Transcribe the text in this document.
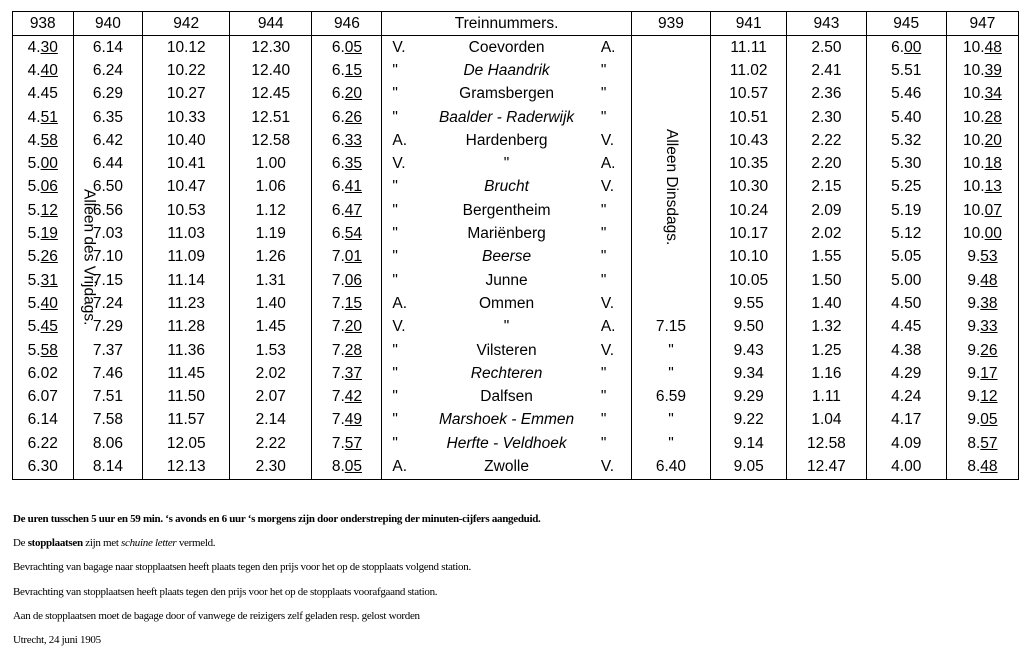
938	940	942	944	946	Treinnummers.			939	941	943	945	947
4.30	6.14	10.12	12.30	6.05	V.	Coevorden	A.		11.11	2.50	6.00	10.48
4.40	6.24	10.22	12.40	6.15	"	De Haandrik	"		11.02	2.41	5.51	10.39
4.45	6.29	10.27	12.45	6.20	"	Gramsbergen	"		10.57	2.36	5.46	10.34
4.51	6.35	10.33	12.51	6.26	"	Baalder - Raderwijk	"		10.51	2.30	5.40	10.28
4.58	6.42	10.40	12.58	6.33	A.	Hardenberg	V.		10.43	2.22	5.32	10.20
5.00	6.44	10.41	1.00	6.35	V.	"	A.		10.35	2.20	5.30	10.18
5.06	6.50	10.47	1.06	6.41	"	Brucht	V.		10.30	2.15	5.25	10.13
5.12	6.56	10.53	1.12	6.47	"	Bergentheim	"		10.24	2.09	5.19	10.07
5.19	7.03	11.03	1.19	6.54	"	Mariënberg	"		10.17	2.02	5.12	10.00
5.26	7.10	11.09	1.26	7.01	"	Beerse	"		10.10	1.55	5.05	9.53
5.31	7.15	11.14	1.31	7.06	"	Junne	"		10.05	1.50	5.00	9.48
5.40	7.24	11.23	1.40	7.15	A.	Ommen	V.		9.55	1.40	4.50	9.38
5.45	7.29	11.28	1.45	7.20	V.	"	A.	7.15	9.50	1.32	4.45	9.33
5.58	7.37	11.36	1.53	7.28	"	Vilsteren	V.	"	9.43	1.25	4.38	9.26
6.02	7.46	11.45	2.02	7.37	"	Rechteren	"	"	9.34	1.16	4.29	9.17
6.07	7.51	11.50	2.07	7.42	"	Dalfsen	"	6.59	9.29	1.11	4.24	9.12
6.14	7.58	11.57	2.14	7.49	"	Marshoek - Emmen	"	"	9.22	1.04	4.17	9.05
6.22	8.06	12.05	2.22	7.57	"	Herfte - Veldhoek	"	"	9.14	12.58	4.09	8.57
6.30	8.14	12.13	2.30	8.05	A.	Zwolle	V.	6.40	9.05	12.47	4.00	8.48
De uren tusschen 5 uur en 59 min. ‘s avonds en 6 uur ‘s morgens zijn door onderstreping der minuten-cijfers aangeduid.
De stopplaatsen zijn met schuine letter vermeld.
Bevrachting van bagage naar stopplaatsen heeft plaats tegen den prijs voor het op de stopplaats volgend station.
Bevrachting van stopplaatsen heeft plaats tegen den prijs voor het op de stopplaats voorafgaand station.
Aan de stopplaatsen moet de bagage door of vanwege de reizigers zelf geladen resp. gelost worden
Utrecht, 24 juni 1905
Alleen des Vrijdags.
Alleen Dinsdags.
